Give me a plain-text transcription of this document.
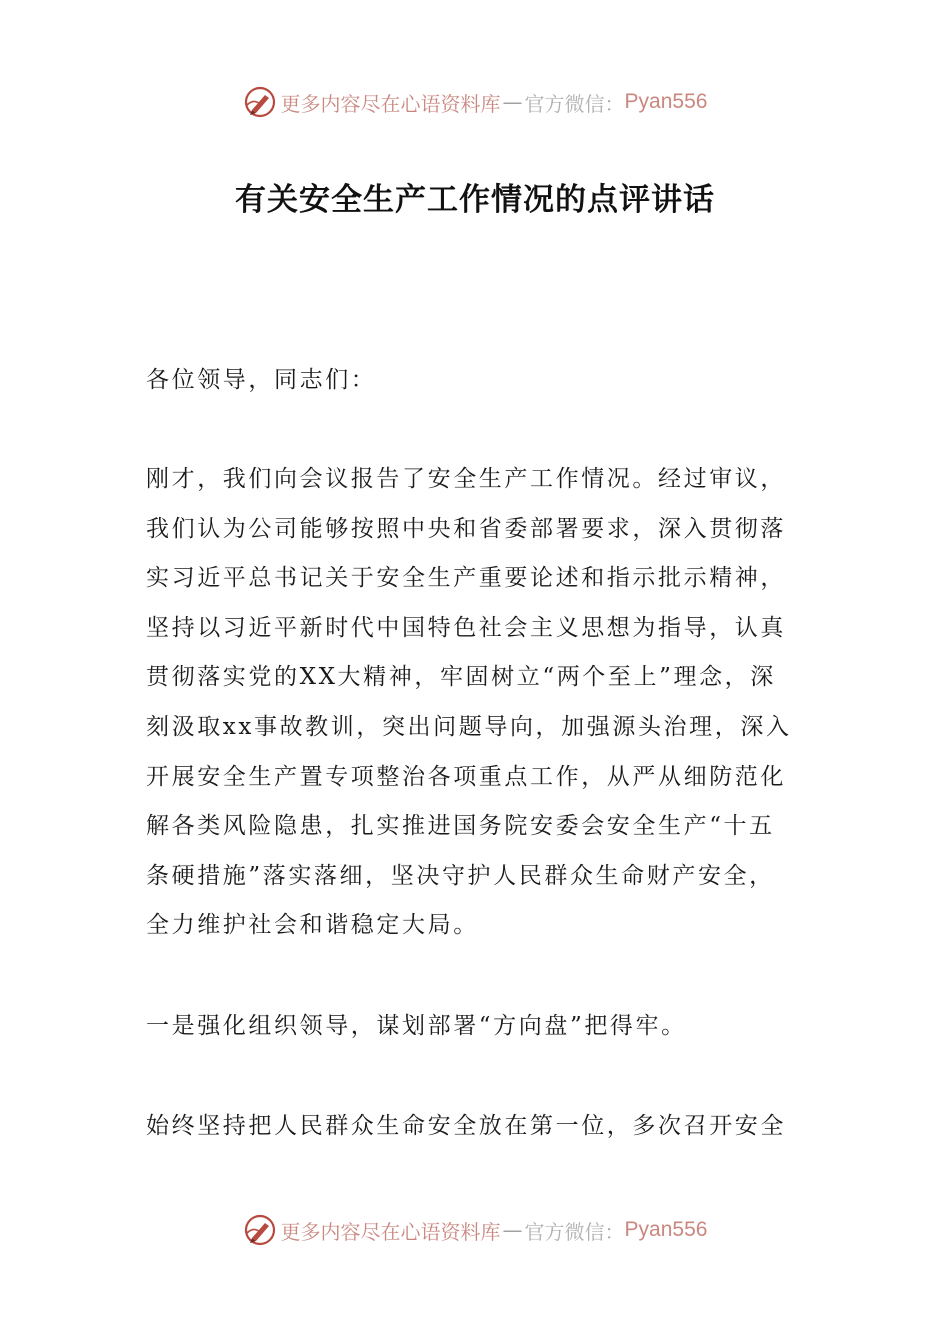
更多内容尽在心语资料库 — 官方微信： Pyan556
有关安全生产工作情况的点评讲话

各位领导，同志们：

刚才，我们向会议报告了安全生产工作情况。经过审议，
我们认为公司能够按照中央和省委部署要求，深入贯彻落
实习近平总书记关于安全生产重要论述和指示批示精神，
坚持以习近平新时代中国特色社会主义思想为指导，认真
贯彻落实党的XX大精神，牢固树立“两个至上”理念，深
刻汲取xx事故教训，突出问题导向，加强源头治理，深入
开展安全生产置专项整治各项重点工作，从严从细防范化
解各类风险隐患，扎实推进国务院安委会安全生产“十五
条硬措施”落实落细，坚决守护人民群众生命财产安全，
全力维护社会和谐稳定大局。

一是强化组织领导，谋划部署“方向盘”把得牢。

始终坚持把人民群众生命安全放在第一位，多次召开安全

更多内容尽在心语资料库 — 官方微信： Pyan556
